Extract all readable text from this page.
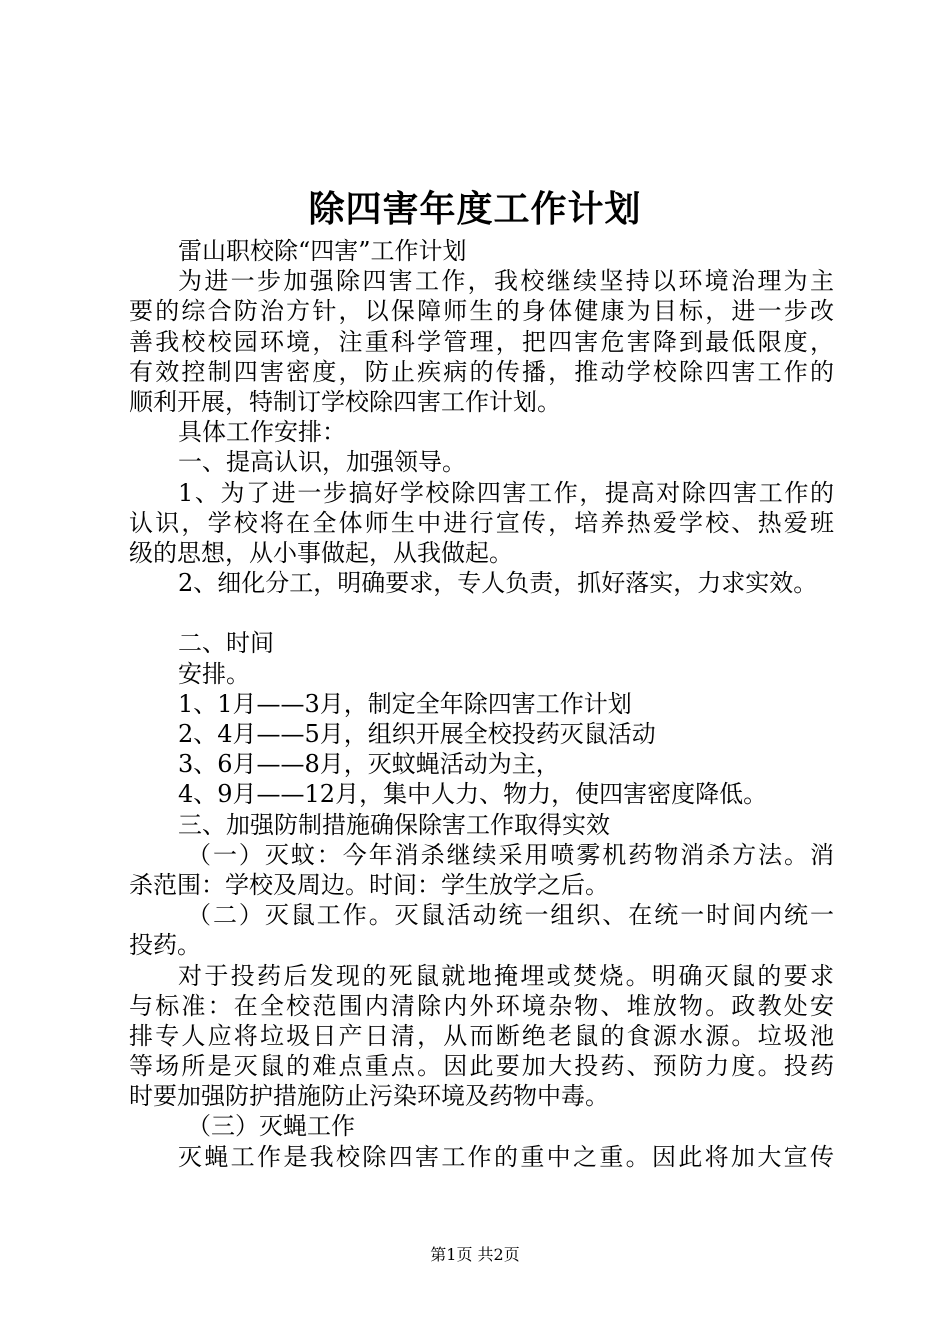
除四害年度工作计划
雷山职校除“四害”工作计划
为进一步加强除四害工作，我校继续坚持以环境治理为主
要的综合防治方针，以保障师生的身体健康为目标，进一步改
善我校校园环境，注重科学管理，把四害危害降到最低限度，
有效控制四害密度，防止疾病的传播，推动学校除四害工作的
顺利开展，特制订学校除四害工作计划。
具体工作安排：
一、提高认识，加强领导。
1、为了进一步搞好学校除四害工作，提高对除四害工作的
认识，学校将在全体师生中进行宣传，培养热爱学校、热爱班
级的思想，从小事做起，从我做起。
2、细化分工，明确要求，专人负责，抓好落实，力求实效。
二、时间
安排。
1、1月——3月，制定全年除四害工作计划
2、4月——5月，组织开展全校投药灭鼠活动
3、6月——8月，灭蚊蝇活动为主，
4、9月——12月，集中人力、物力，使四害密度降低。
三、加强防制措施确保除害工作取得实效
（一）灭蚊：今年消杀继续采用喷雾机药物消杀方法。消
杀范围：学校及周边。时间：学生放学之后。
（二）灭鼠工作。灭鼠活动统一组织、在统一时间内统一
投药。
对于投药后发现的死鼠就地掩埋或焚烧。明确灭鼠的要求
与标准：在全校范围内清除内外环境杂物、堆放物。政教处安
排专人应将垃圾日产日清，从而断绝老鼠的食源水源。垃圾池
等场所是灭鼠的难点重点。因此要加大投药、预防力度。投药
时要加强防护措施防止污染环境及药物中毒。
（三）灭蝇工作
灭蝇工作是我校除四害工作的重中之重。因此将加大宣传
第1页 共2页
